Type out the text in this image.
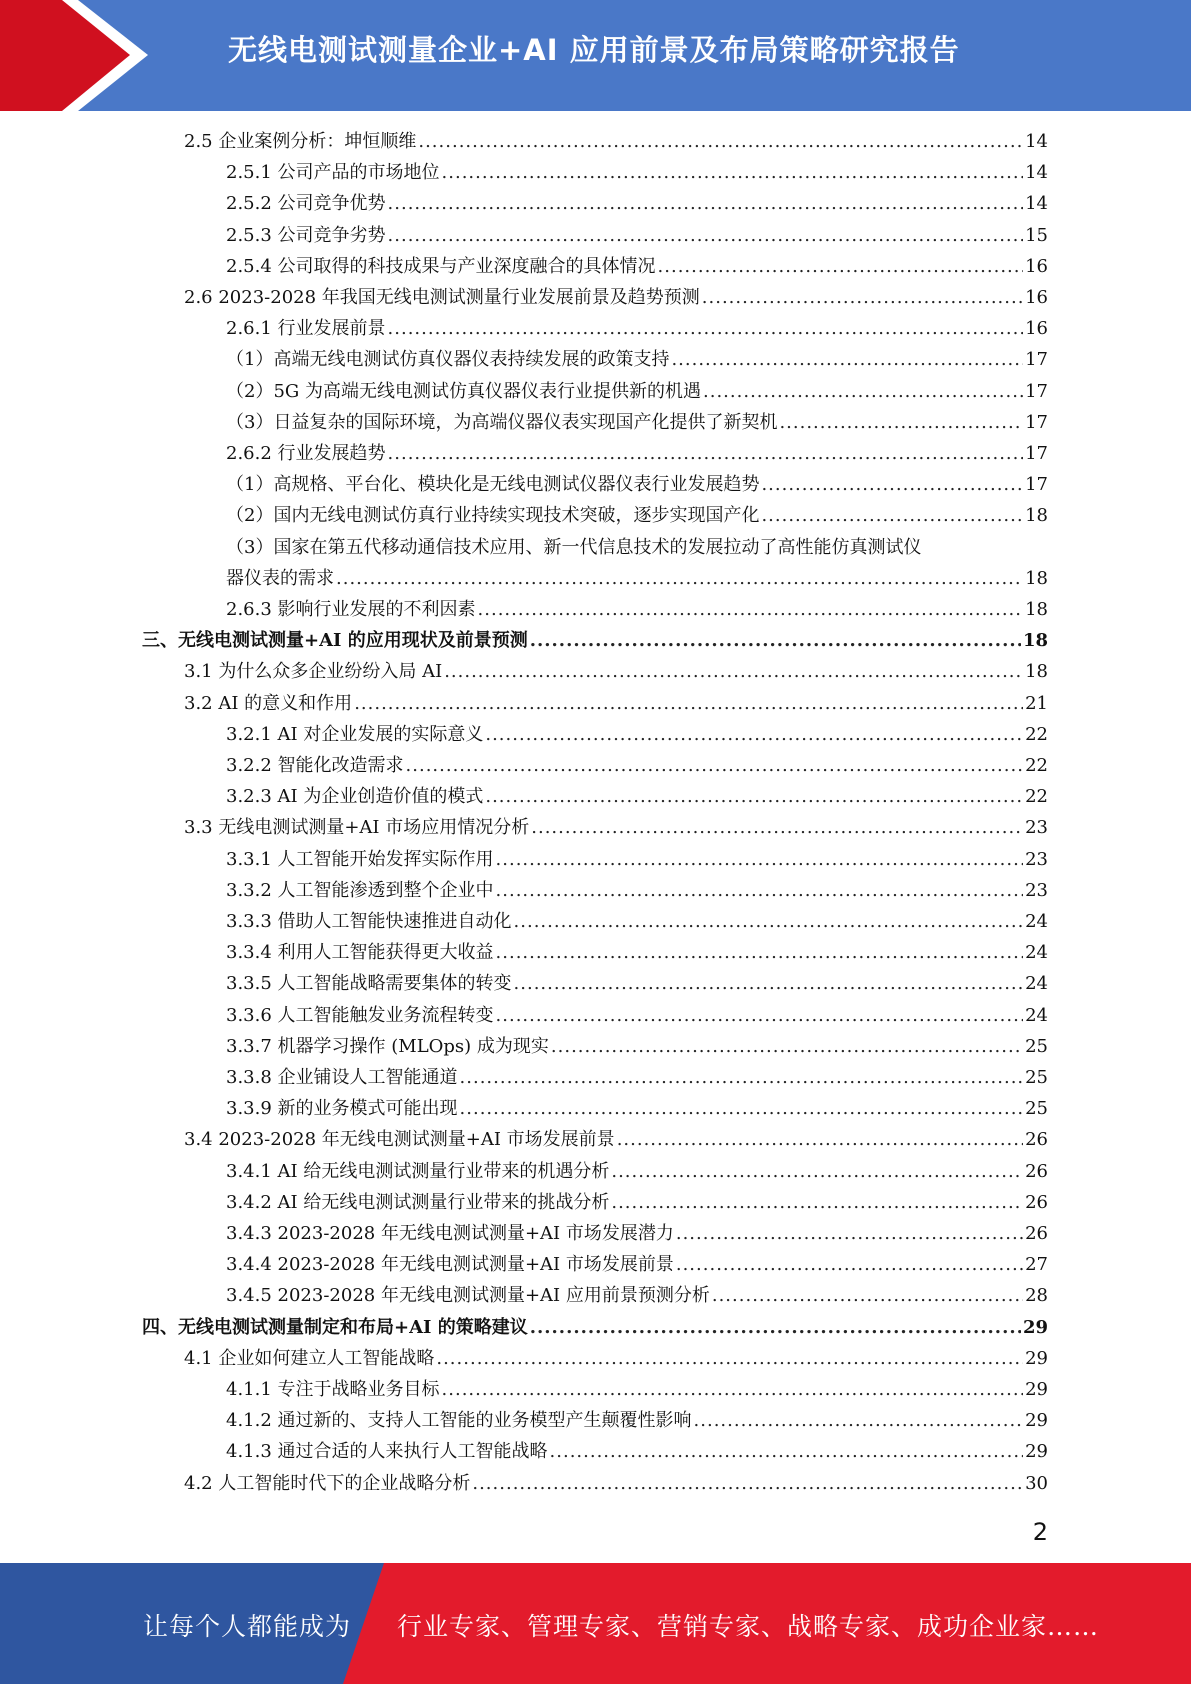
无线电测试测量企业+AI 应用前景及布局策略研究报告
2.5 企业案例分析：坤恒顺维 .....	14
2.5.1 公司产品的市场地位 .....	14
2.5.2 公司竞争优势 .....	14
2.5.3 公司竞争劣势 .....	15
2.5.4 公司取得的科技成果与产业深度融合的具体情况 .....	16
2.6 2023-2028 年我国无线电测试测量行业发展前景及趋势预测 .....	16
2.6.1 行业发展前景 .....	16
（1）高端无线电测试仿真仪器仪表持续发展的政策支持 .....	17
（2）5G 为高端无线电测试仿真仪器仪表行业提供新的机遇 .....	17
（3）日益复杂的国际环境，为高端仪器仪表实现国产化提供了新契机 .....	17
2.6.2 行业发展趋势 .....	17
（1）高规格、平台化、模块化是无线电测试仪器仪表行业发展趋势 .....	17
（2）国内无线电测试仿真行业持续实现技术突破，逐步实现国产化 .....	18
（3）国家在第五代移动通信技术应用、新一代信息技术的发展拉动了高性能仿真测试仪
器仪表的需求 .....	18
2.6.3 影响行业发展的不利因素 .....	18
三、无线电测试测量+AI 的应用现状及前景预测 .....	18
3.1 为什么众多企业纷纷入局 AI .....	18
3.2 AI 的意义和作用 .....	21
3.2.1 AI 对企业发展的实际意义 .....	22
3.2.2 智能化改造需求 .....	22
3.2.3 AI 为企业创造价值的模式 .....	22
3.3 无线电测试测量+AI 市场应用情况分析 .....	23
3.3.1 人工智能开始发挥实际作用 .....	23
3.3.2 人工智能渗透到整个企业中 .....	23
3.3.3 借助人工智能快速推进自动化 .....	24
3.3.4 利用人工智能获得更大收益 .....	24
3.3.5 人工智能战略需要集体的转变 .....	24
3.3.6 人工智能触发业务流程转变 .....	24
3.3.7 机器学习操作 (MLOps) 成为现实 .....	25
3.3.8 企业铺设人工智能通道 .....	25
3.3.9 新的业务模式可能出现 .....	25
3.4 2023-2028 年无线电测试测量+AI 市场发展前景 .....	26
3.4.1 AI 给无线电测试测量行业带来的机遇分析 .....	26
3.4.2 AI 给无线电测试测量行业带来的挑战分析 .....	26
3.4.3 2023-2028 年无线电测试测量+AI 市场发展潜力 .....	26
3.4.4 2023-2028 年无线电测试测量+AI 市场发展前景 .....	27
3.4.5 2023-2028 年无线电测试测量+AI 应用前景预测分析 .....	28
四、无线电测试测量制定和布局+AI 的策略建议 .....	29
4.1 企业如何建立人工智能战略 .....	29
4.1.1 专注于战略业务目标 .....	29
4.1.2 通过新的、支持人工智能的业务模型产生颠覆性影响 .....	29
4.1.3 通过合适的人来执行人工智能战略 .....	29
4.2 人工智能时代下的企业战略分析 .....	30
2
让每个人都能成为 行业专家、管理专家、营销专家、战略专家、成功企业家……
